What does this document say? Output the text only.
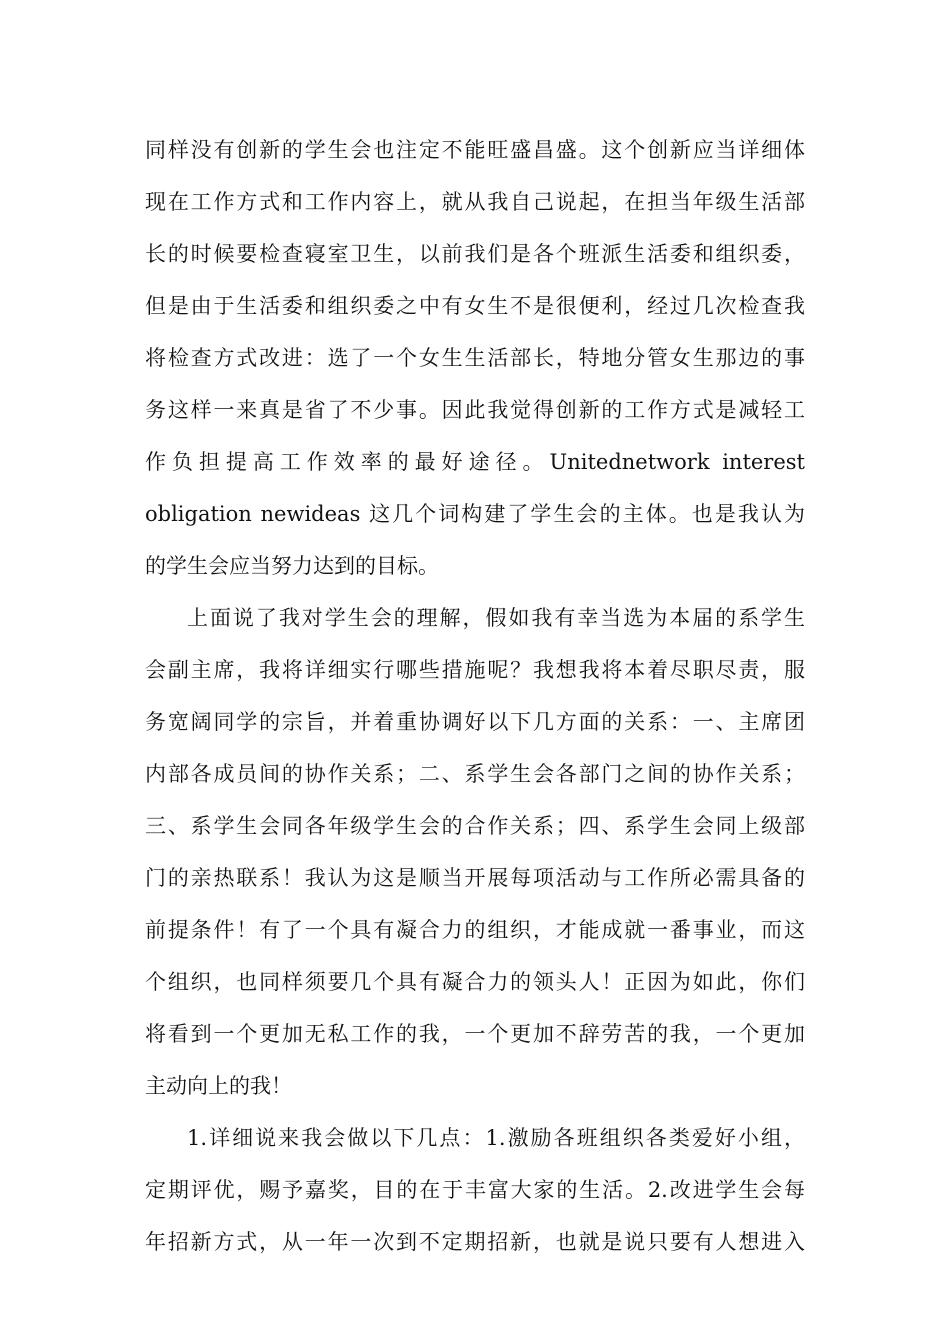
同样没有创新的学生会也注定不能旺盛昌盛。这个创新应当详细体
现在工作方式和工作内容上，就从我自己说起，在担当年级生活部
长的时候要检查寝室卫生，以前我们是各个班派生活委和组织委，
但是由于生活委和组织委之中有女生不是很便利，经过几次检查我
将检查方式改进：选了一个女生生活部长，特地分管女生那边的事
务这样一来真是省了不少事。因此我觉得创新的工作方式是减轻工
作负担提高工作效率的最好途径。Unitednetwork interest
obligation newideas 这几个词构建了学生会的主体。也是我认为
的学生会应当努力达到的目标。
上面说了我对学生会的理解，假如我有幸当选为本届的系学生
会副主席，我将详细实行哪些措施呢？我想我将本着尽职尽责，服
务宽阔同学的宗旨，并着重协调好以下几方面的关系：一、主席团
内部各成员间的协作关系；二、系学生会各部门之间的协作关系；
三、系学生会同各年级学生会的合作关系；四、系学生会同上级部
门的亲热联系！我认为这是顺当开展每项活动与工作所必需具备的
前提条件！有了一个具有凝合力的组织，才能成就一番事业，而这
个组织，也同样须要几个具有凝合力的领头人！正因为如此，你们
将看到一个更加无私工作的我，一个更加不辞劳苦的我，一个更加
主动向上的我！
1.详细说来我会做以下几点：1.激励各班组织各类爱好小组，
定期评优，赐予嘉奖，目的在于丰富大家的生活。2.改进学生会每
年招新方式，从一年一次到不定期招新，也就是说只要有人想进入
